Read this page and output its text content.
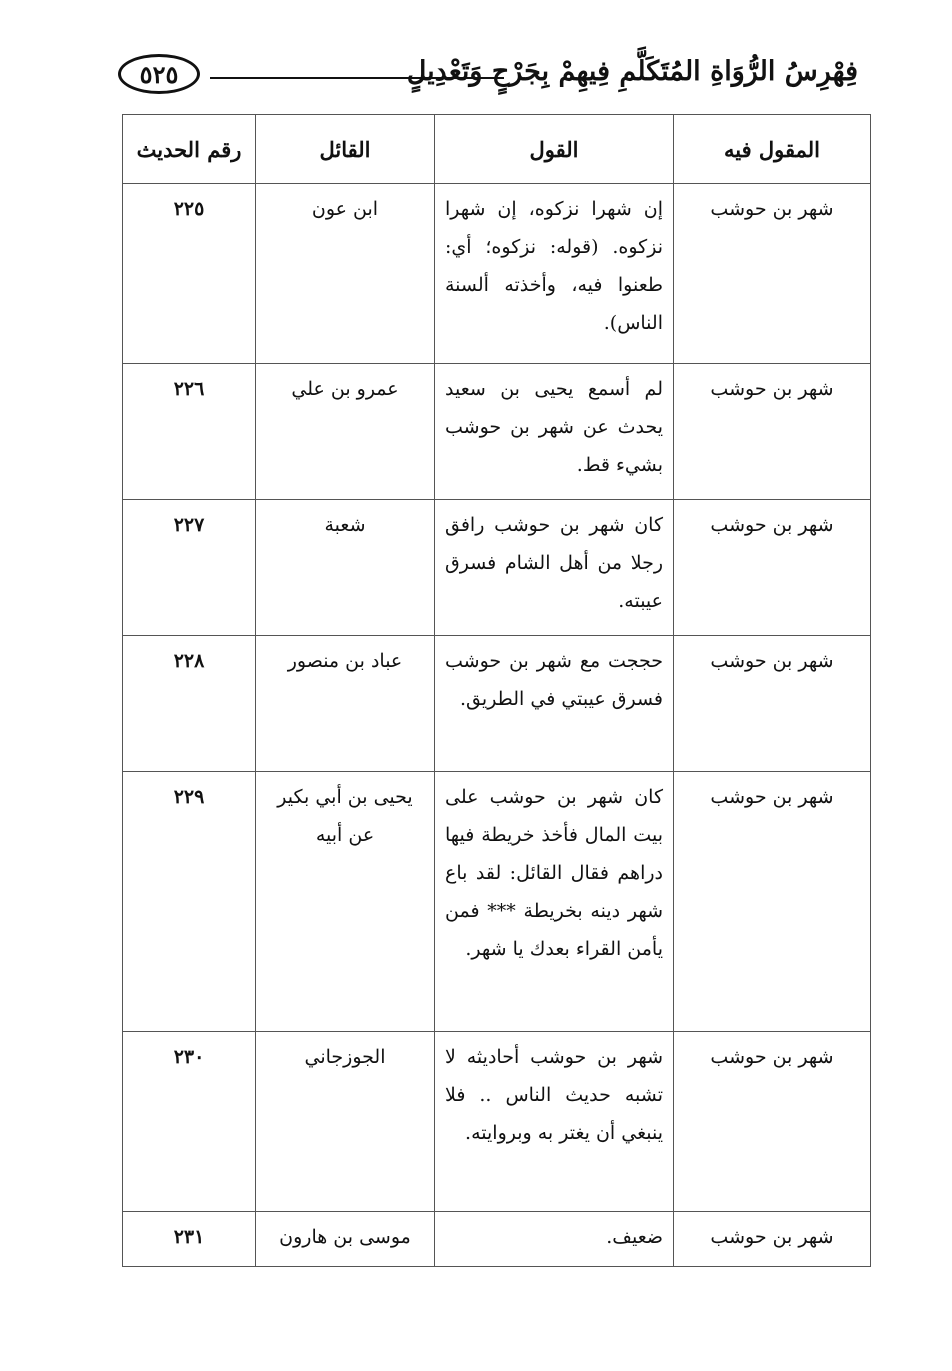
فِهْرِسُ الرُّوَاةِ المُتَكَلَّمِ فِيهِمْ بِجَرْحٍ وَتَعْدِيلٍ
٥٢٥
المقول فيه	القول	القائل	رقم الحديث
شهر بن حوشب	إن شهرا نزكوه، إن شهرا نزكوه. (قوله: نزكوه؛ أي: طعنوا فيه، وأخذته ألسنة الناس).	ابن عون	٢٢٥
شهر بن حوشب	لم أسمع يحيى بن سعيد يحدث عن شهر بن حوشب بشيء قط.	عمرو بن علي	٢٢٦
شهر بن حوشب	كان شهر بن حوشب رافق رجلا من أهل الشام فسرق عيبته.	شعبة	٢٢٧
شهر بن حوشب	حججت مع شهر بن حوشب فسرق عيبتي في الطريق.	عباد بن منصور	٢٢٨
شهر بن حوشب	كان شهر بن حوشب على بيت المال فأخذ خريطة فيها دراهم فقال القائل: لقد باع شهر دينه بخريطة *** فمن يأمن القراء بعدك يا شهر.	يحيى بن أبي بكير عن أبيه	٢٢٩
شهر بن حوشب	شهر بن حوشب أحاديثه لا تشبه حديث الناس .. فلا ينبغي أن يغتر به وبروايته.	الجوزجاني	٢٣٠
شهر بن حوشب	ضعيف.	موسى بن هارون	٢٣١
